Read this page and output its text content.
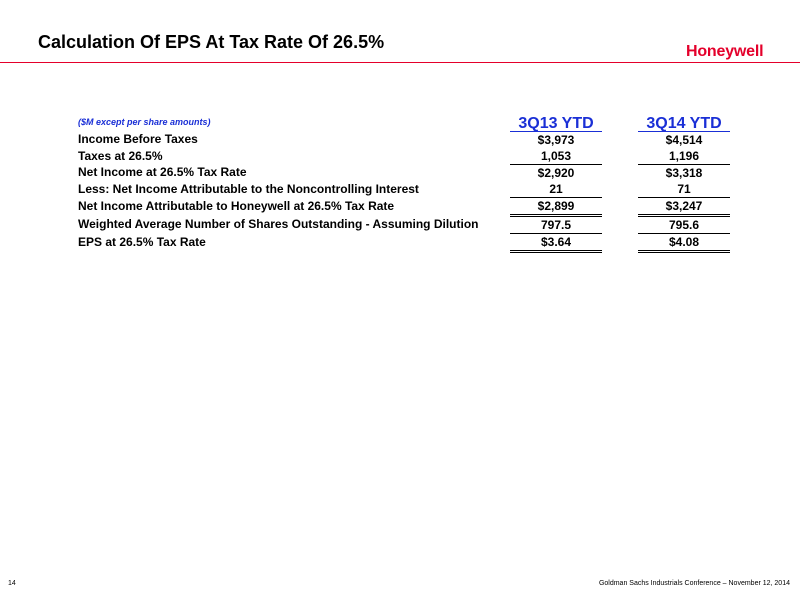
Calculation Of EPS At Tax Rate Of 26.5%	Honeywell
($M except per share amounts)	3Q13 YTD		3Q14 YTD
Income Before Taxes	$3,973		$4,514
Taxes at 26.5%	1,053		1,196
Net Income at 26.5% Tax Rate	$2,920		$3,318
Less: Net Income Attributable to the Noncontrolling Interest	21		71
Net Income Attributable to Honeywell at 26.5% Tax Rate	$2,899		$3,247
Weighted Average Number of Shares Outstanding - Assuming Dilution	797.5		795.6
EPS at 26.5% Tax Rate	$3.64		$4.08
14	Goldman Sachs Industrials Conference – November 12, 2014
